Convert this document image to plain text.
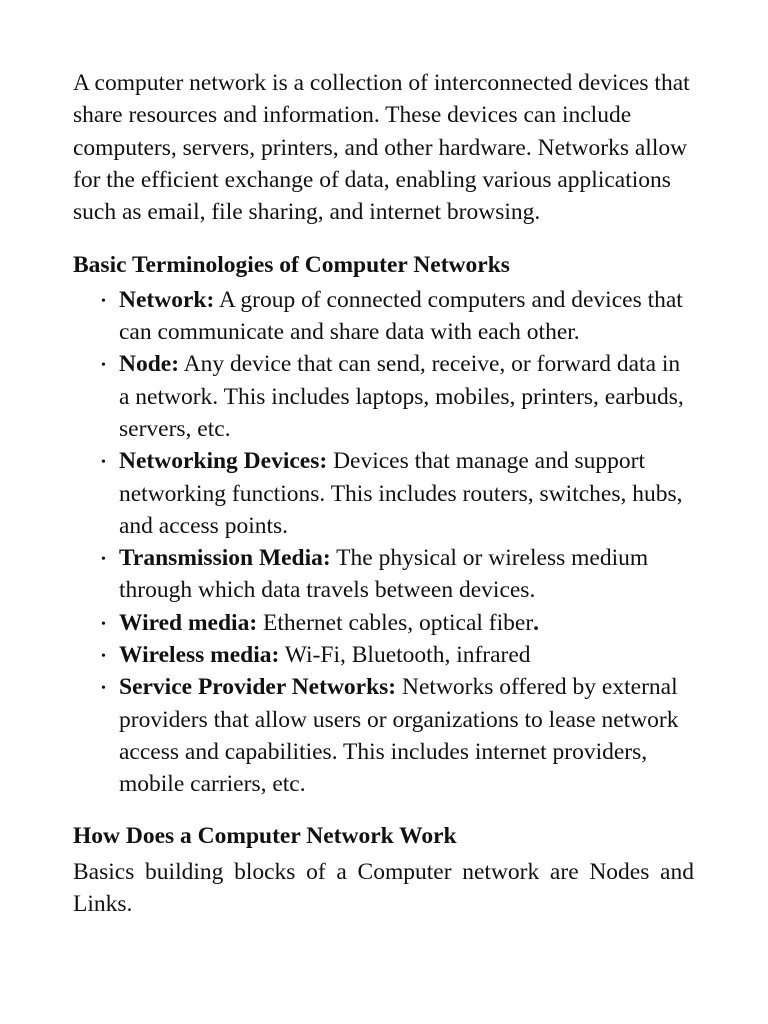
A computer network is a collection of interconnected devices that share resources and information. These devices can include computers, servers, printers, and other hardware. Networks allow for the efficient exchange of data, enabling various applications such as email, file sharing, and internet browsing.

Basic Terminologies of Computer Networks
• Network: A group of connected computers and devices that can communicate and share data with each other.
• Node: Any device that can send, receive, or forward data in a network. This includes laptops, mobiles, printers, earbuds, servers, etc.
• Networking Devices: Devices that manage and support networking functions. This includes routers, switches, hubs, and access points.
• Transmission Media: The physical or wireless medium through which data travels between devices.
• Wired media: Ethernet cables, optical fiber.
• Wireless media: Wi-Fi, Bluetooth, infrared
• Service Provider Networks: Networks offered by external providers that allow users or organizations to lease network access and capabilities. This includes internet providers, mobile carriers, etc.
How Does a Computer Network Work

Basics building blocks of a Computer network are Nodes and Links.
